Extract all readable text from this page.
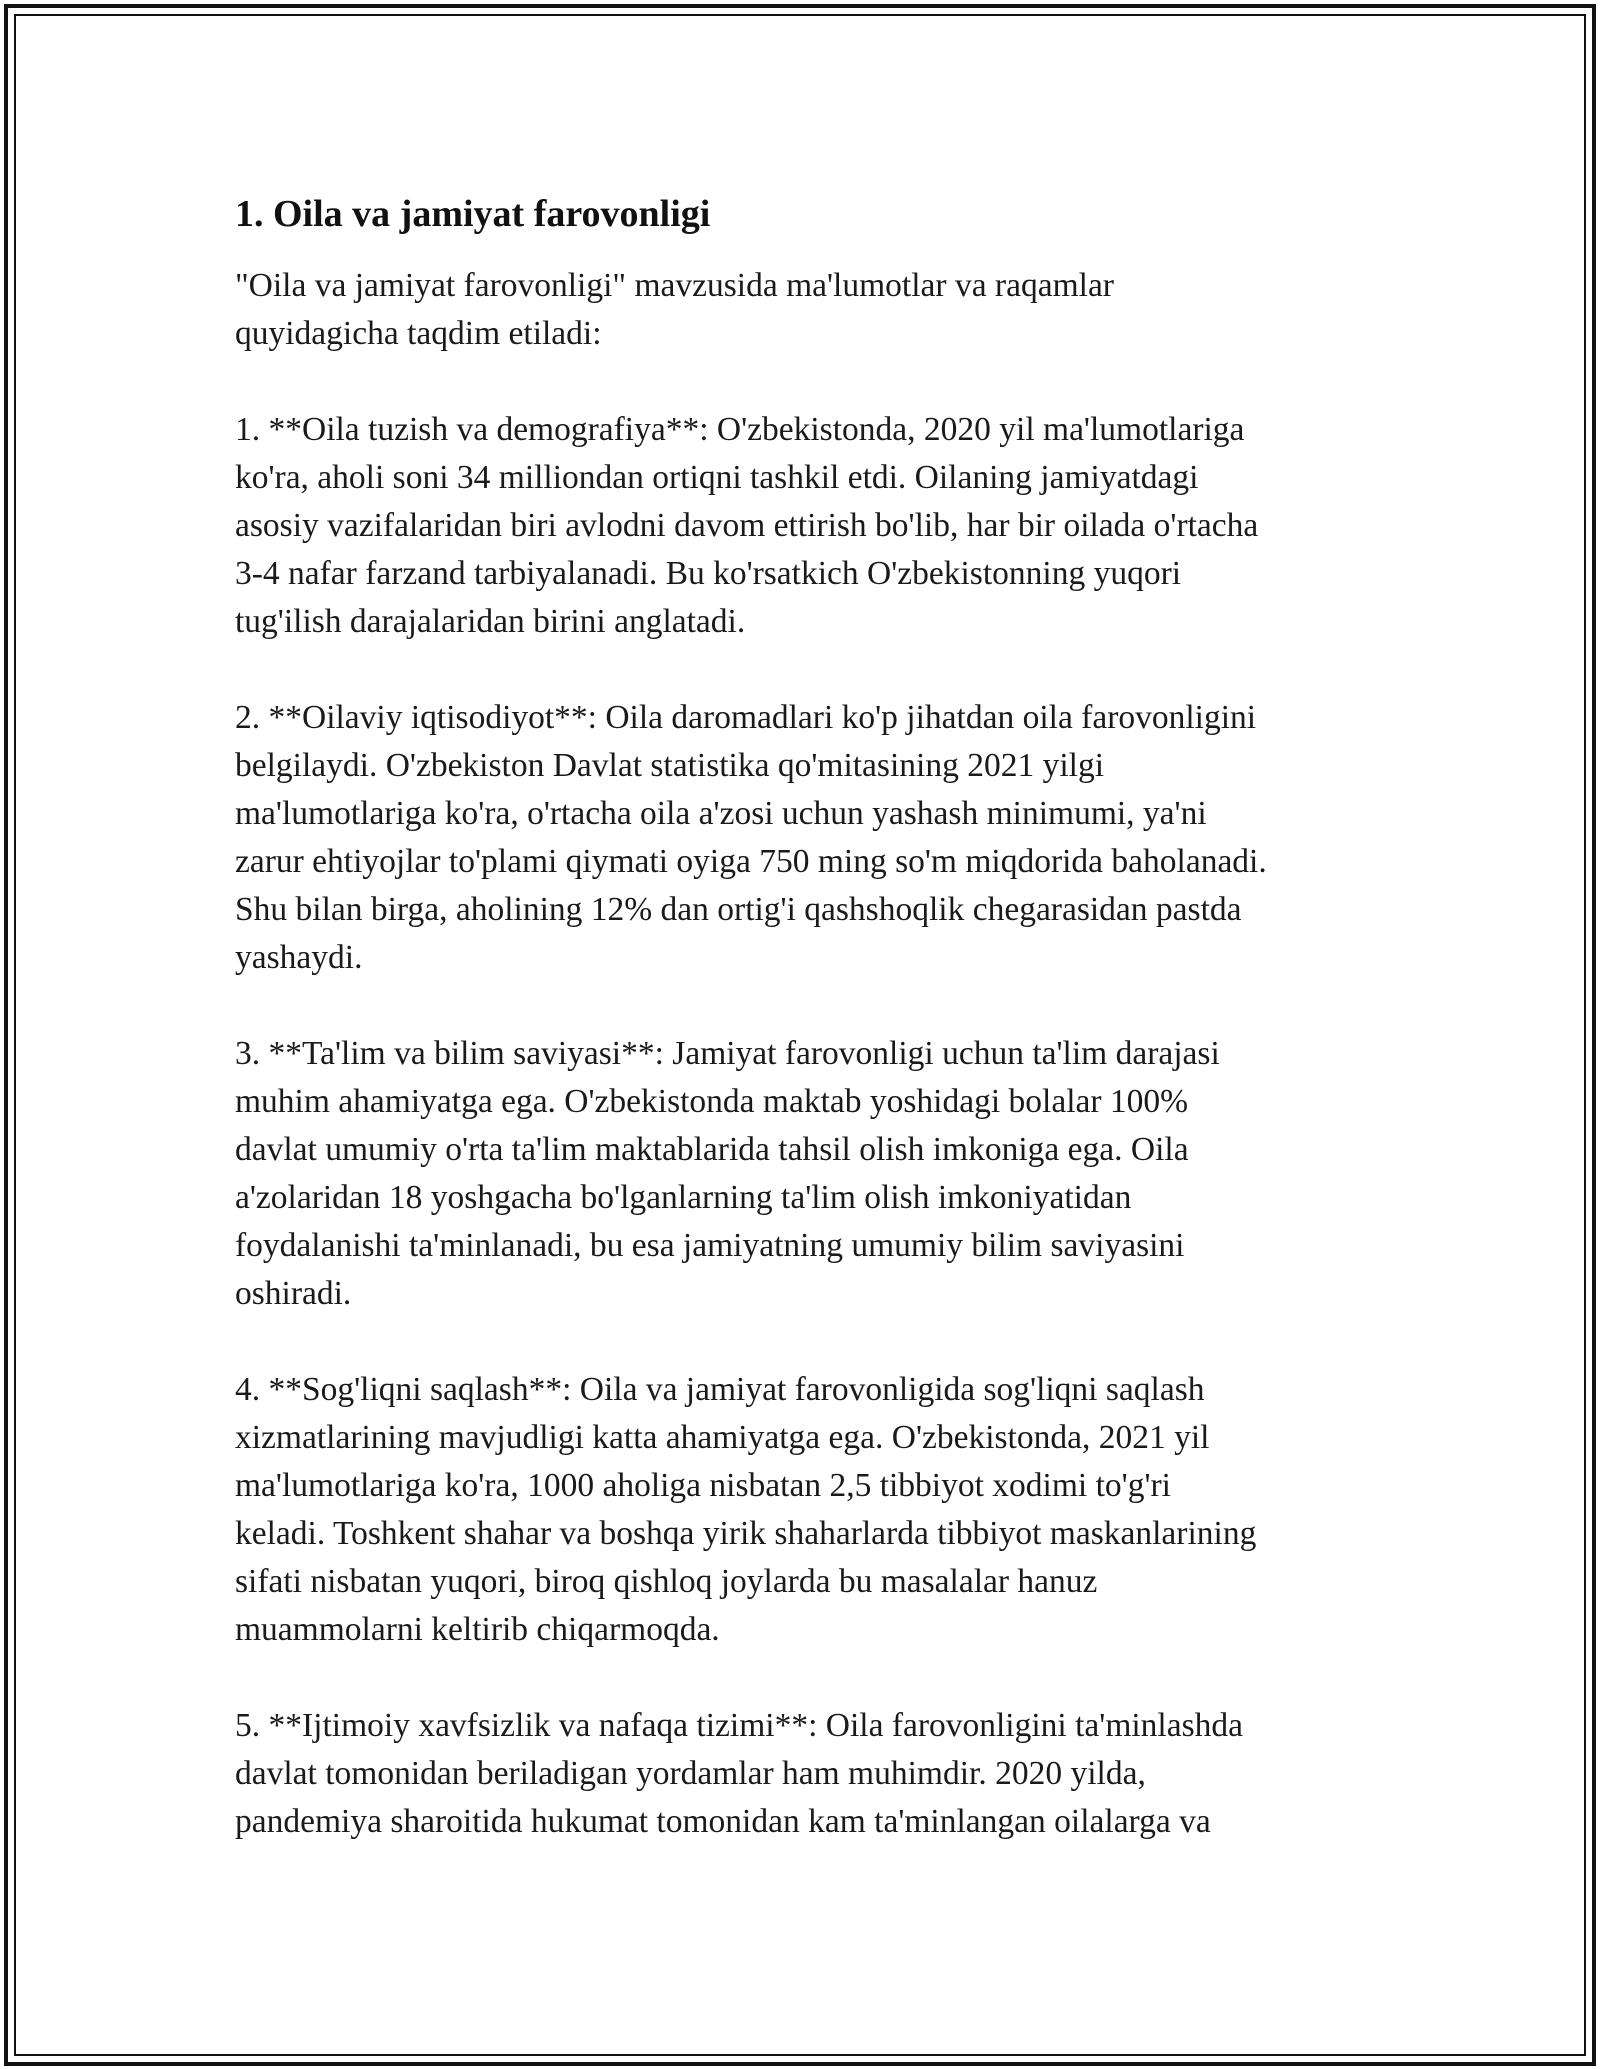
1. Oila va jamiyat farovonligi

"Oila va jamiyat farovonligi" mavzusida ma'lumotlar va raqamlar
quyidagicha taqdim etiladi:

1. **Oila tuzish va demografiya**: O'zbekistonda, 2020 yil ma'lumotlariga
ko'ra, aholi soni 34 milliondan ortiqni tashkil etdi. Oilaning jamiyatdagi
asosiy vazifalaridan biri avlodni davom ettirish bo'lib, har bir oilada o'rtacha
3-4 nafar farzand tarbiyalanadi. Bu ko'rsatkich O'zbekistonning yuqori
tug'ilish darajalaridan birini anglatadi.

2. **Oilaviy iqtisodiyot**: Oila daromadlari ko'p jihatdan oila farovonligini
belgilaydi. O'zbekiston Davlat statistika qo'mitasining 2021 yilgi
ma'lumotlariga ko'ra, o'rtacha oila a'zosi uchun yashash minimumi, ya'ni
zarur ehtiyojlar to'plami qiymati oyiga 750 ming so'm miqdorida baholanadi.
Shu bilan birga, aholining 12% dan ortig'i qashshoqlik chegarasidan pastda
yashaydi.

3. **Ta'lim va bilim saviyasi**: Jamiyat farovonligi uchun ta'lim darajasi
muhim ahamiyatga ega. O'zbekistonda maktab yoshidagi bolalar 100%
davlat umumiy o'rta ta'lim maktablarida tahsil olish imkoniga ega. Oila
a'zolaridan 18 yoshgacha bo'lganlarning ta'lim olish imkoniyatidan
foydalanishi ta'minlanadi, bu esa jamiyatning umumiy bilim saviyasini
oshiradi.

4. **Sog'liqni saqlash**: Oila va jamiyat farovonligida sog'liqni saqlash
xizmatlarining mavjudligi katta ahamiyatga ega. O'zbekistonda, 2021 yil
ma'lumotlariga ko'ra, 1000 aholiga nisbatan 2,5 tibbiyot xodimi to'g'ri
keladi. Toshkent shahar va boshqa yirik shaharlarda tibbiyot maskanlarining
sifati nisbatan yuqori, biroq qishloq joylarda bu masalalar hanuz
muammolarni keltirib chiqarmoqda.

5. **Ijtimoiy xavfsizlik va nafaqa tizimi**: Oila farovonligini ta'minlashda
davlat tomonidan beriladigan yordamlar ham muhimdir. 2020 yilda,
pandemiya sharoitida hukumat tomonidan kam ta'minlangan oilalarga va
